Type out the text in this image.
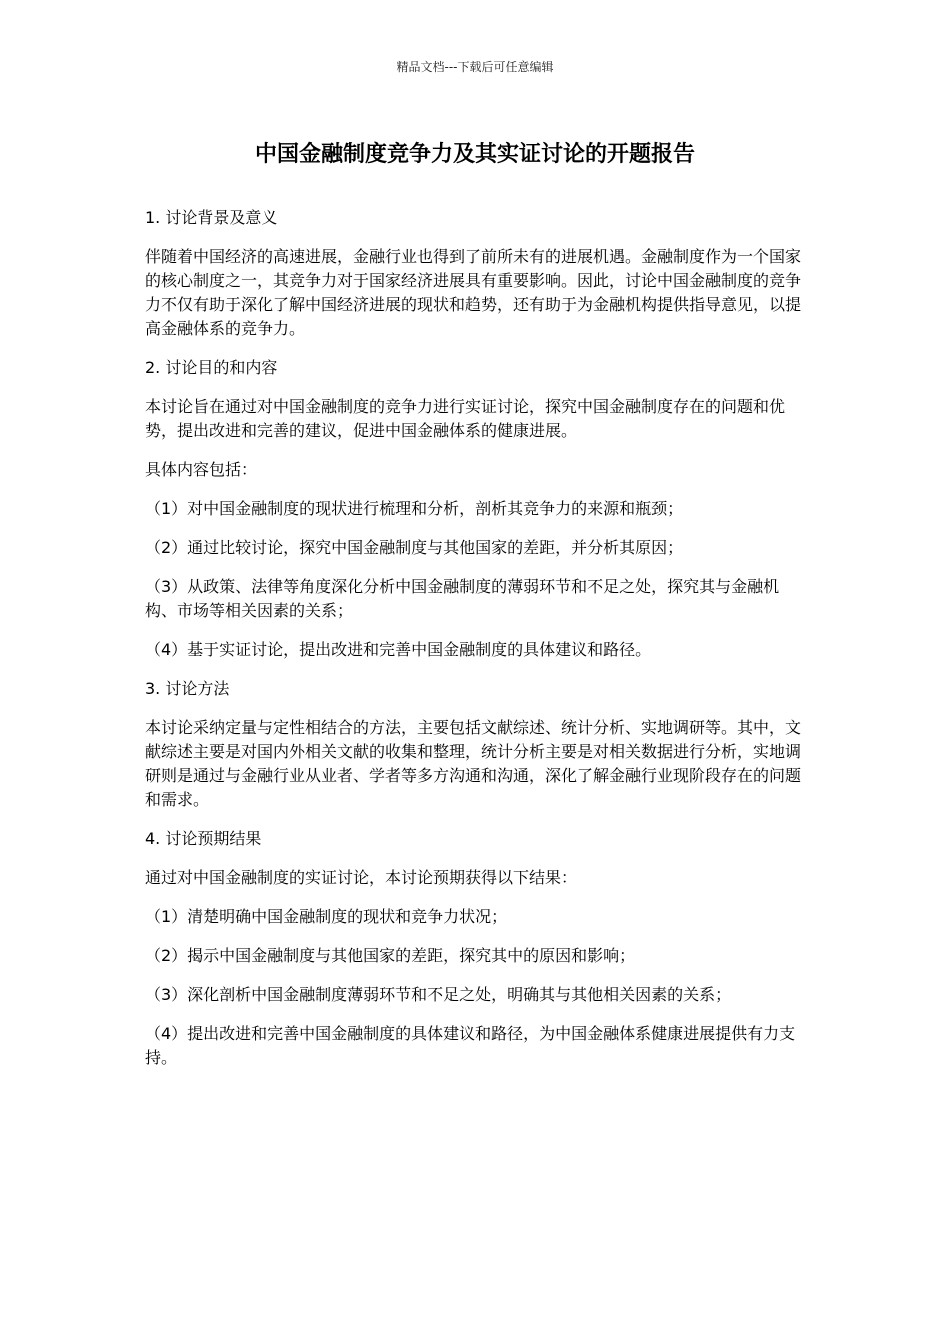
精品文档---下载后可任意编辑
中国金融制度竞争力及其实证讨论的开题报告

1. 讨论背景及意义

伴随着中国经济的高速进展，金融行业也得到了前所未有的进展机遇。金融制度作为一个国家的核心制度之一，其竞争力对于国家经济进展具有重要影响。因此，讨论中国金融制度的竞争力不仅有助于深化了解中国经济进展的现状和趋势，还有助于为金融机构提供指导意见，以提高金融体系的竞争力。

2. 讨论目的和内容

本讨论旨在通过对中国金融制度的竞争力进行实证讨论，探究中国金融制度存在的问题和优势，提出改进和完善的建议，促进中国金融体系的健康进展。

具体内容包括：

（1）对中国金融制度的现状进行梳理和分析，剖析其竞争力的来源和瓶颈；

（2）通过比较讨论，探究中国金融制度与其他国家的差距，并分析其原因；

（3）从政策、法律等角度深化分析中国金融制度的薄弱环节和不足之处，探究其与金融机构、市场等相关因素的关系；

（4）基于实证讨论，提出改进和完善中国金融制度的具体建议和路径。

3. 讨论方法

本讨论采纳定量与定性相结合的方法，主要包括文献综述、统计分析、实地调研等。其中，文献综述主要是对国内外相关文献的收集和整理，统计分析主要是对相关数据进行分析，实地调研则是通过与金融行业从业者、学者等多方沟通和沟通，深化了解金融行业现阶段存在的问题和需求。

4. 讨论预期结果

通过对中国金融制度的实证讨论，本讨论预期获得以下结果：

（1）清楚明确中国金融制度的现状和竞争力状况；

（2）揭示中国金融制度与其他国家的差距，探究其中的原因和影响；

（3）深化剖析中国金融制度薄弱环节和不足之处，明确其与其他相关因素的关系；

（4）提出改进和完善中国金融制度的具体建议和路径，为中国金融体系健康进展提供有力支持。
